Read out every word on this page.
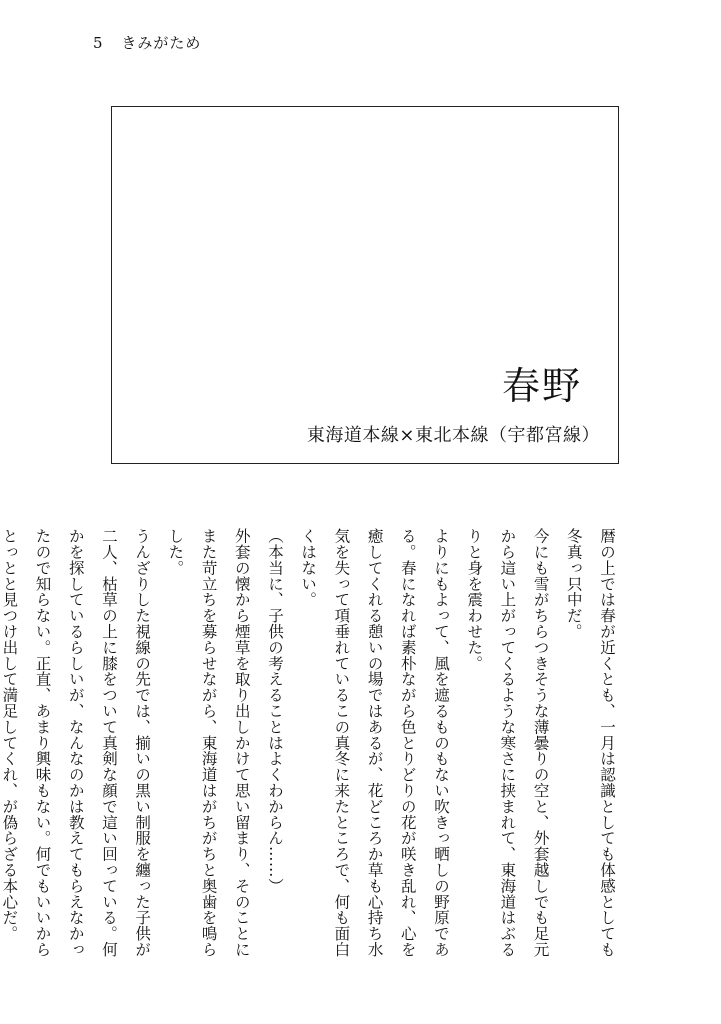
5 きみがため
春野
東海道本線×東北本線（宇都宮線）

暦の上では春が近くとも、一月は認識としても体感としても冬真っ只中だ。

今にも雪がちらつきそうな薄曇りの空と、外套越しでも足元から這い上がってくるような寒さに挟まれて、東海道はぶるりと身を震わせた。

よりにもよって、風を遮るものもない吹きっ晒しの野原である。春になれば素朴ながら色とりどりの花が咲き乱れ、心を癒してくれる憩いの場ではあるが、花どころか草も心持ち水気を失って項垂れているこの真冬に来たところで、何も面白くはない。

（本当に、子供の考えることはよくわからん……）

外套の懐から煙草を取り出しかけて思い留まり、そのことにまた苛立ちを募らせながら、東海道はがちがちと奥歯を鳴らした。

うんざりした視線の先では、揃いの黒い制服を纏った子供が二人、枯草の上に膝をついて真剣な顔で這い回っている。何かを探しているらしいが、なんなのかは教えてもらえなかったので知らない。正直、あまり興味もない。何でもいいからとっとと見つけ出して満足してくれ、が偽らざる本心だ。
